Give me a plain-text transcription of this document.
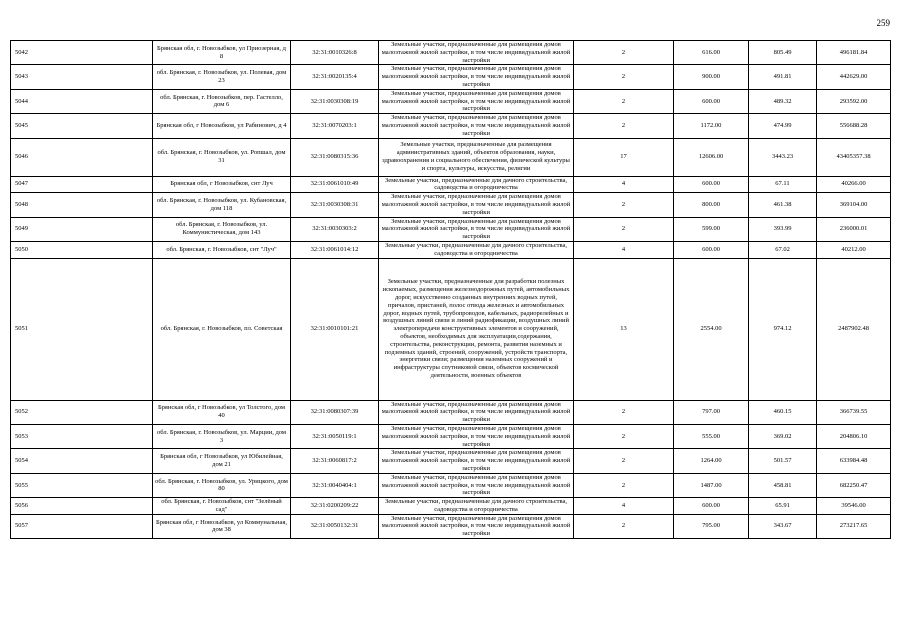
259
5042	Брянская обл, г. Новозыбков, ул Приозерная, д 8	32:31:0010326:8	Земельные участки, предназначенные для размещения домов малоэтажной жилой застройки, в том числе индивидуальной жилой застройки	2	616.00	805.49	496181.84
5043	обл. Брянская, г. Новозыбков, ул. Полевая, дом 23	32:31:0020135:4	Земельные участки, предназначенные для размещения домов малоэтажной жилой застройки, в том числе индивидуальной жилой застройки	2	900.00	491.81	442629.00
5044	обл. Брянская, г. Новозыбков, пер. Гастелло, дом 6	32:31:0030308:19	Земельные участки, предназначенные для размещения домов малоэтажной жилой застройки, в том числе индивидуальной жилой застройки	2	600.00	489.32	293592.00
5045	Брянская обл, г Новозыбков, ул Рабинович, д 4	32:31:0070203:1	Земельные участки, предназначенные для размещения домов малоэтажной жилой застройки, в том числе индивидуальной жилой застройки	2	1172.00	474.99	556688.28
5046	обл. Брянская, г. Новозыбков, ул. Ропшал, дом 31	32:31:0080315:36	Земельные участки, предназначенные для размещения административных зданий, объектов образования, науки, здравоохранения и социального обеспечения, физической культуры и спорта, культуры, искусства, религии	17	12606.00	3443.23	43405357.38
5047	Брянская обл, г Новозыбков, снт Луч	32:31:0061010:49	Земельные участки, предназначенные для дачного строительства, садоводства и огородничества	4	600.00	67.11	40266.00
5048	обл. Брянская, г. Новозыбков, ул. Кубановская, дом 118	32:31:0030308:31	Земельные участки, предназначенные для размещения домов малоэтажной жилой застройки, в том числе индивидуальной жилой застройки	2	800.00	461.38	369104.00
5049	обл. Брянская, г. Новозыбков, ул. Коммунистическая, дом 143	32:31:0030303:2	Земельные участки, предназначенные для размещения домов малоэтажной жилой застройки, в том числе индивидуальной жилой застройки	2	599.00	393.99	236000.01
5050	обл. Брянская, г. Новозыбков, снт "Луч"	32:31:0061014:12	Земельные участки, предназначенные для дачного строительства, садоводства и огородничества	4	600.00	67.02	40212.00
5051	обл. Брянская, г. Новозыбков, пл. Советская	32:31:0010101:21	Земельные участки, предназначенные для разработки полезных ископаемых, размещения железнодорожных путей, автомобильных дорог, искусственно созданных внутренних водных путей, причалов, пристаней, полос отвода железных и автомобильных дорог, водных путей, трубопроводов, кабельных, радиорелейных и воздушных линий связи и линий радиофикации, воздушных линий электропередачи конструктивных элементов и сооружений, объектов, необходимых для эксплуатации,содержания, строительства, реконструкции, ремонта, развития наземных и подземных зданий, строений, сооружений, устройств транспорта, энергетики связи; размещения наземных сооружений и инфраструктуры спутниковой связи, объектов космической деятельности, военных объектов	13	2554.00	974.12	2487902.48
5052	Брянская обл, г Новозыбков, ул Толстого, дом 40	32:31:0080307:39	Земельные участки, предназначенные для размещения домов малоэтажной жилой застройки, в том числе индивидуальной жилой застройки	2	797.00	460.15	366739.55
5053	обл. Брянская, г. Новозыбков, ул. Марции, дом 3	32:31:0050119:1	Земельные участки, предназначенные для размещения домов малоэтажной жилой застройки, в том числе индивидуальной жилой застройки	2	555.00	369.02	204806.10
5054	Брянская обл, г Новозыбков, ул Юбилейная, дом 21	32:31:0060817:2	Земельные участки, предназначенные для размещения домов малоэтажной жилой застройки, в том числе индивидуальной жилой застройки	2	1264.00	501.57	633984.48
5055	обл. Брянская, г. Новозыбков, ул. Урицкого, дом 80	32:31:0040404:1	Земельные участки, предназначенные для размещения домов малоэтажной жилой застройки, в том числе индивидуальной жилой застройки	2	1487.00	458.81	682250.47
5056	обл. Брянская, г. Новозыбков, снт "Зелёный сад"	32:31:0200209:22	Земельные участки, предназначенные для дачного строительства, садоводства и огородничества	4	600.00	65.91	39546.00
5057	Брянская обл, г Новозыбков, ул Коммунальная, дом 38	32:31:0050132:31	Земельные участки, предназначенные для размещения домов малоэтажной жилой застройки, в том числе индивидуальной жилой застройки	2	795.00	343.67	273217.65
